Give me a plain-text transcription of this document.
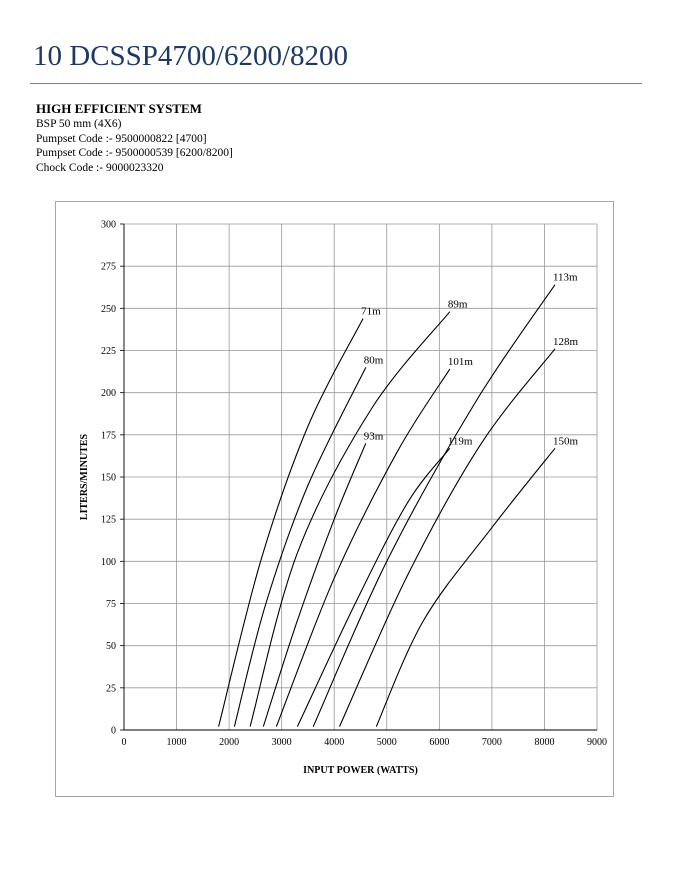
10 DCSSP4700/6200/8200
HIGH EFFICIENT SYSTEM
BSP 50 mm (4X6)
Pumpset Code :- 9500000822 [4700]
Pumpset Code :- 9500000539 [6200/8200]
Chock Code :- 9000023320
0	1000	2000	3000	4000	5000	6000	7000	8000	9000
0
25
50
75
100
125
150
175
200
225
250
275
300
71m
80m
89m
93m
101m
119m
113m
128m
150m
INPUT POWER (WATTS)
LITERS/MINUTES
